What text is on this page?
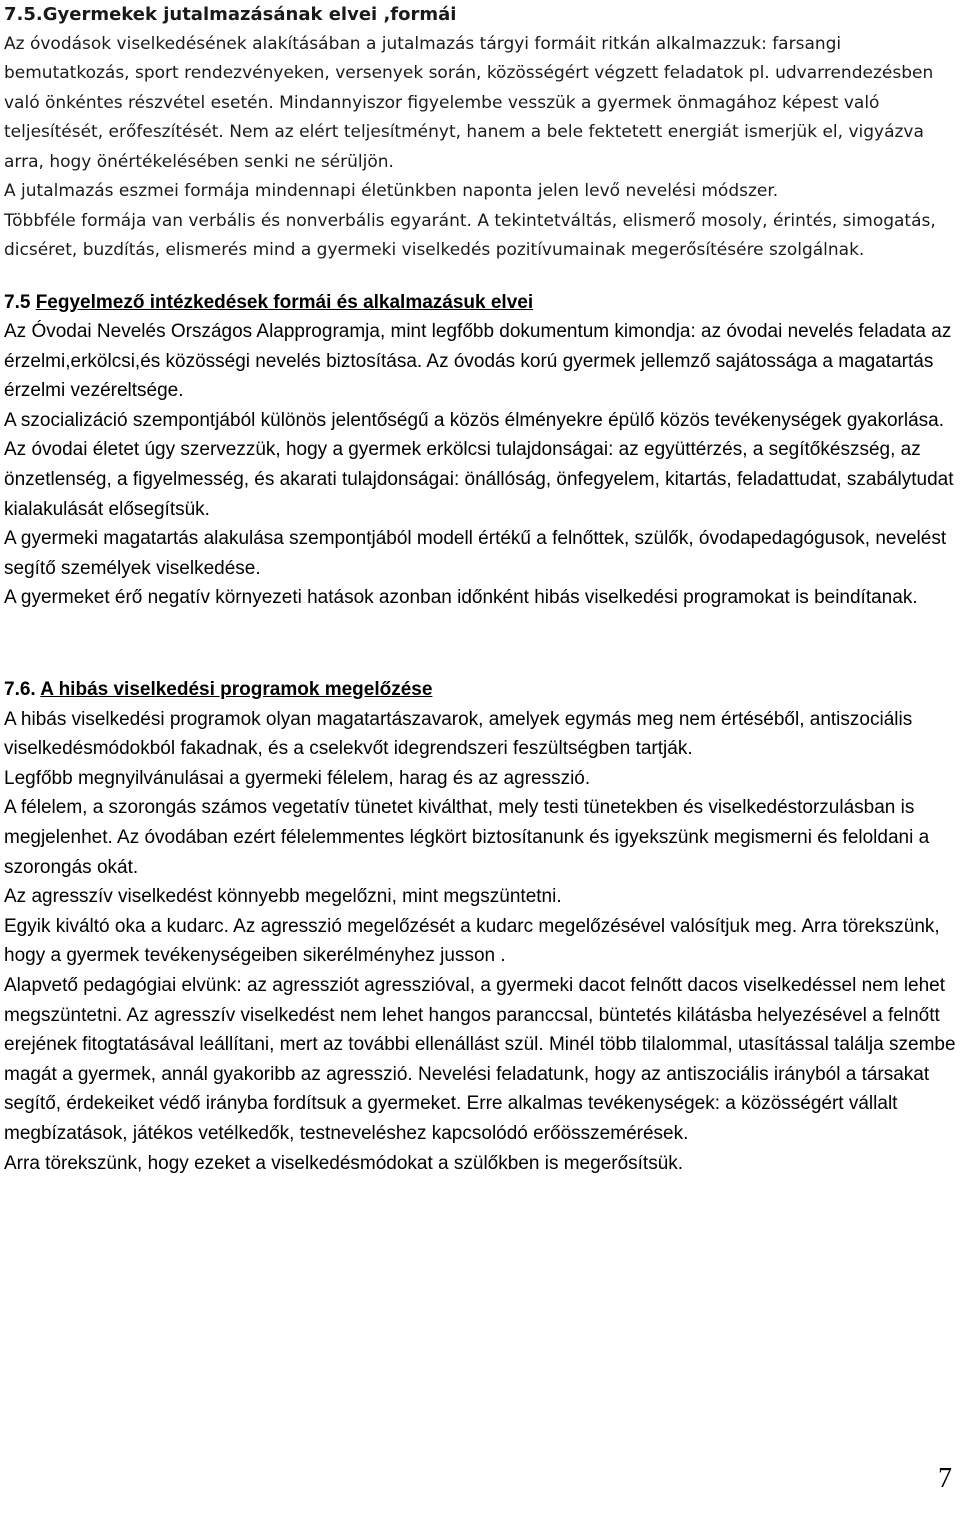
7.5.Gyermekek jutalmazásának elvei ,formái

Az óvodások viselkedésének alakításában a jutalmazás tárgyi formáit ritkán alkalmazzuk: farsangi bemutatkozás, sport rendezvényeken, versenyek során, közösségért végzett feladatok pl. udvarrendezésben való önkéntes részvétel esetén. Mindannyiszor figyelembe vesszük a gyermek önmagához képest való teljesítését, erőfeszítését. Nem az elért teljesítményt, hanem a bele fektetett energiát ismerjük el, vigyázva arra, hogy önértékelésében senki ne sérüljön.

A jutalmazás eszmei formája mindennapi életünkben naponta jelen levő nevelési módszer.

Többféle formája van verbális és nonverbális egyaránt. A tekintetváltás, elismerő mosoly, érintés, simogatás, dicséret, buzdítás, elismerés mind a gyermeki viselkedés pozitívumainak megerősítésére szolgálnak.

7.5 Fegyelmező intézkedések formái és alkalmazásuk elvei

Az Óvodai Nevelés Országos Alapprogramja, mint legfőbb dokumentum kimondja: az óvodai nevelés feladata az érzelmi,erkölcsi,és közösségi nevelés biztosítása. Az óvodás korú gyermek jellemző sajátossága a magatartás érzelmi vezéreltsége.

A szocializáció szempontjából különös jelentőségű a közös élményekre épülő közös tevékenységek gyakorlása.

Az óvodai életet úgy szervezzük, hogy a gyermek erkölcsi tulajdonságai: az együttérzés, a segítőkészség, az önzetlenség, a figyelmesség, és akarati tulajdonságai: önállóság, önfegyelem, kitartás, feladattudat, szabálytudat kialakulását elősegítsük.

A gyermeki magatartás alakulása szempontjából modell értékű a felnőttek, szülők, óvodapedagógusok, nevelést segítő személyek viselkedése.

A gyermeket érő negatív környezeti hatások azonban időnként hibás viselkedési programokat is beindítanak.

7.6. A hibás viselkedési programok megelőzése

A hibás viselkedési programok olyan magatartászavarok, amelyek egymás meg nem értéséből, antiszociális viselkedésmódokból fakadnak, és a cselekvőt idegrendszeri feszültségben tartják.

Legfőbb megnyilvánulásai a gyermeki félelem, harag és az agresszió.

A félelem, a szorongás számos vegetatív tünetet kiválthat, mely testi tünetekben és viselkedéstorzulásban is megjelenhet. Az óvodában ezért félelemmentes légkört biztosítanunk és igyekszünk megismerni és feloldani a szorongás okát.

Az agresszív viselkedést könnyebb megelőzni, mint megszüntetni.

Egyik kiváltó oka a kudarc. Az agresszió megelőzését a kudarc megelőzésével valósítjuk meg. Arra törekszünk, hogy a gyermek tevékenységeiben sikerélményhez jusson .

Alapvető pedagógiai elvünk: az agressziót agresszióval, a gyermeki dacot felnőtt dacos viselkedéssel nem lehet megszüntetni. Az agresszív viselkedést nem lehet hangos paranccsal, büntetés kilátásba helyezésével a felnőtt erejének fitogtatásával leállítani, mert az további ellenállást szül. Minél több tilalommal, utasítással találja szembe magát a gyermek, annál gyakoribb az agresszió. Nevelési feladatunk, hogy az antiszociális irányból a társakat segítő, érdekeiket védő irányba fordítsuk a gyermeket. Erre alkalmas tevékenységek: a közösségért vállalt megbízatások, játékos vetélkedők, testneveléshez kapcsolódó erőösszemérések.

Arra törekszünk, hogy ezeket a viselkedésmódokat a szülőkben is megerősítsük.

7
